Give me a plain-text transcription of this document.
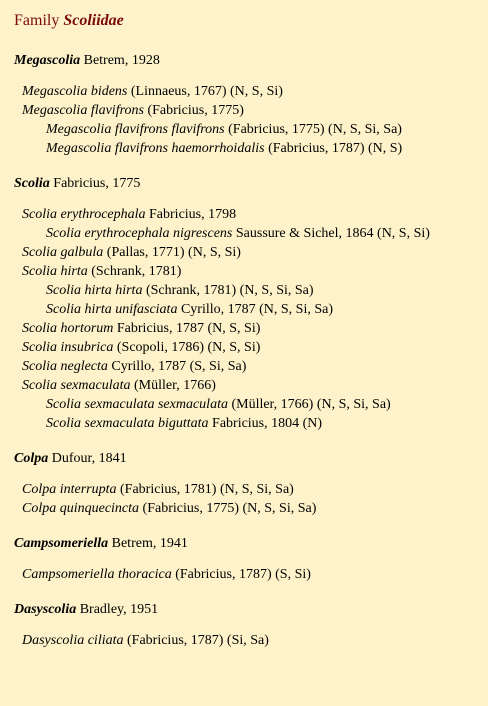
Family Scoliidae
Megascolia Betrem, 1928
Megascolia bidens (Linnaeus, 1767) (N, S, Si)
Megascolia flavifrons (Fabricius, 1775)
Megascolia flavifrons flavifrons (Fabricius, 1775) (N, S, Si, Sa)
Megascolia flavifrons haemorrhoidalis (Fabricius, 1787) (N, S)
Scolia Fabricius, 1775
Scolia erythrocephala Fabricius, 1798
Scolia erythrocephala nigrescens Saussure & Sichel, 1864 (N, S, Si)
Scolia galbula (Pallas, 1771) (N, S, Si)
Scolia hirta (Schrank, 1781)
Scolia hirta hirta (Schrank, 1781) (N, S, Si, Sa)
Scolia hirta unifasciata Cyrillo, 1787 (N, S, Si, Sa)
Scolia hortorum Fabricius, 1787 (N, S, Si)
Scolia insubrica (Scopoli, 1786) (N, S, Si)
Scolia neglecta Cyrillo, 1787 (S, Si, Sa)
Scolia sexmaculata (Müller, 1766)
Scolia sexmaculata sexmaculata (Müller, 1766) (N, S, Si, Sa)
Scolia sexmaculata biguttata Fabricius, 1804 (N)
Colpa Dufour, 1841
Colpa interrupta (Fabricius, 1781) (N, S, Si, Sa)
Colpa quinquecincta (Fabricius, 1775) (N, S, Si, Sa)
Campsomeriella Betrem, 1941
Campsomeriella thoracica (Fabricius, 1787) (S, Si)
Dasyscolia Bradley, 1951
Dasyscolia ciliata (Fabricius, 1787) (Si, Sa)
